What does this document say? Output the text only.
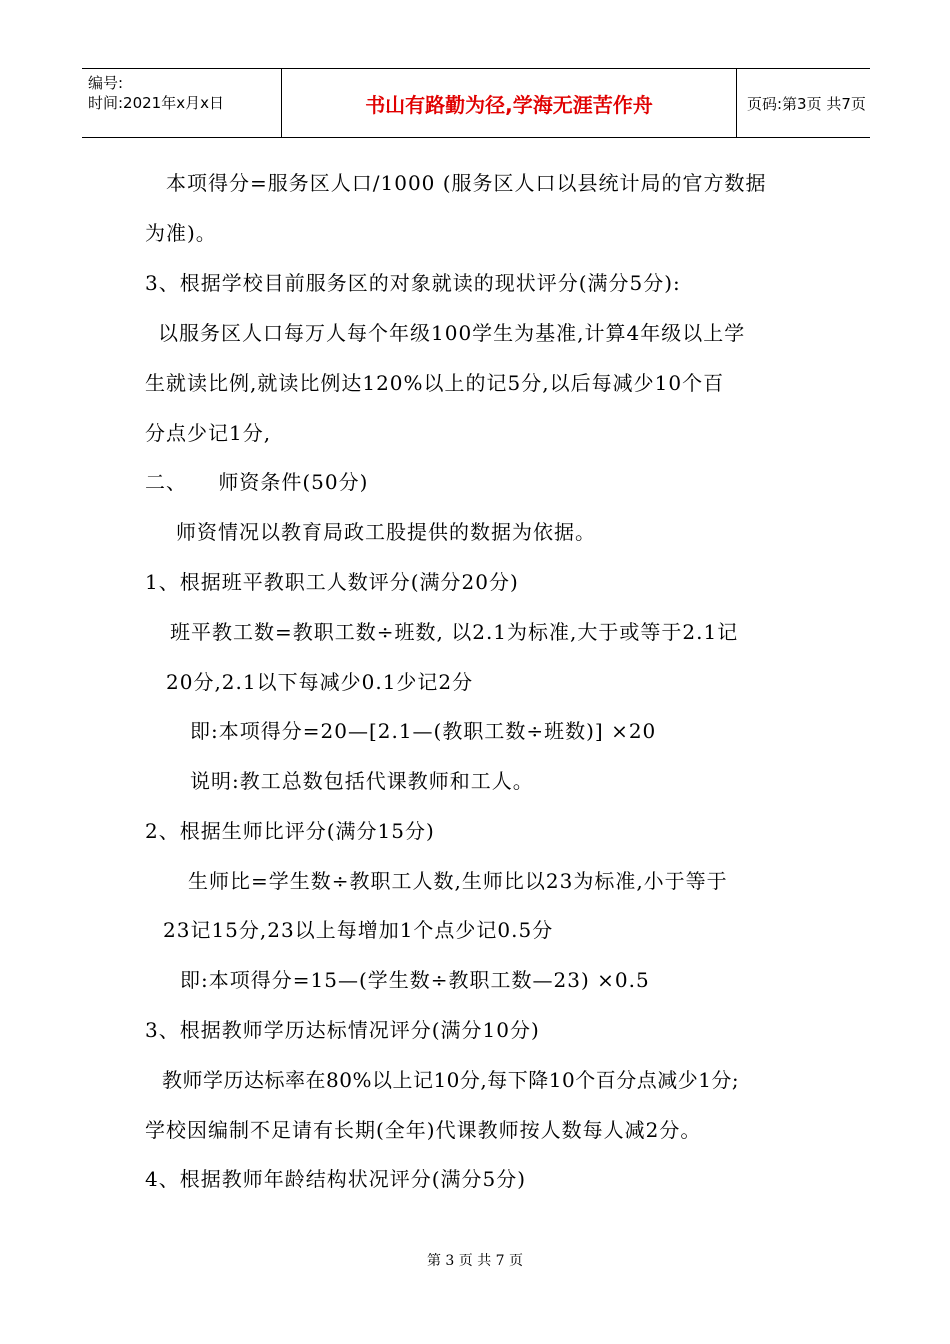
编号:
时间:2021年x月x日	书山有路勤为径,学海无涯苦作舟	页码:第3页 共7页
本项得分=服务区人口/1000 (服务区人口以县统计局的官方数据
为准)。
3、根据学校目前服务区的对象就读的现状评分(满分5分):
以服务区人口每万人每个年级100学生为基准,计算4年级以上学
生就读比例,就读比例达120%以上的记5分,以后每减少10个百
分点少记1分,
二、 师资条件(50分)
师资情况以教育局政工股提供的数据为依据。
1、根据班平教职工人数评分(满分20分)
班平教工数=教职工数÷班数, 以2.1为标准,大于或等于2.1记
20分,2.1以下每减少0.1少记2分
即:本项得分=20—[2.1—(教职工数÷班数)] ×20
说明:教工总数包括代课教师和工人。
2、根据生师比评分(满分15分)
生师比=学生数÷教职工人数,生师比以23为标准,小于等于
23记15分,23以上每增加1个点少记0.5分
即:本项得分=15—(学生数÷教职工数—23) ×0.5
3、根据教师学历达标情况评分(满分10分)
教师学历达标率在80%以上记10分,每下降10个百分点减少1分;
学校因编制不足请有长期(全年)代课教师按人数每人减2分。
4、根据教师年龄结构状况评分(满分5分)
第 3 页 共 7 页
